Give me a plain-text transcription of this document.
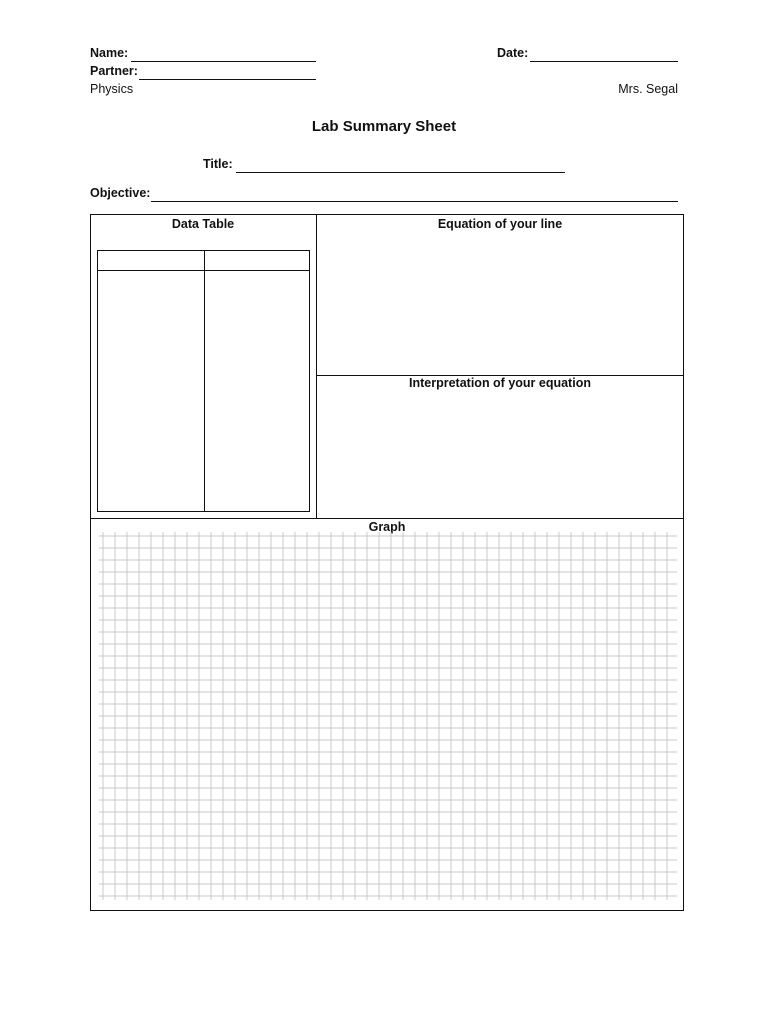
Name:	Date:
Partner:
Physics	Mrs. Segal
Lab Summary Sheet
Title:
Objective:
Data Table	Equation of your line
Interpretation of your equation
Graph
